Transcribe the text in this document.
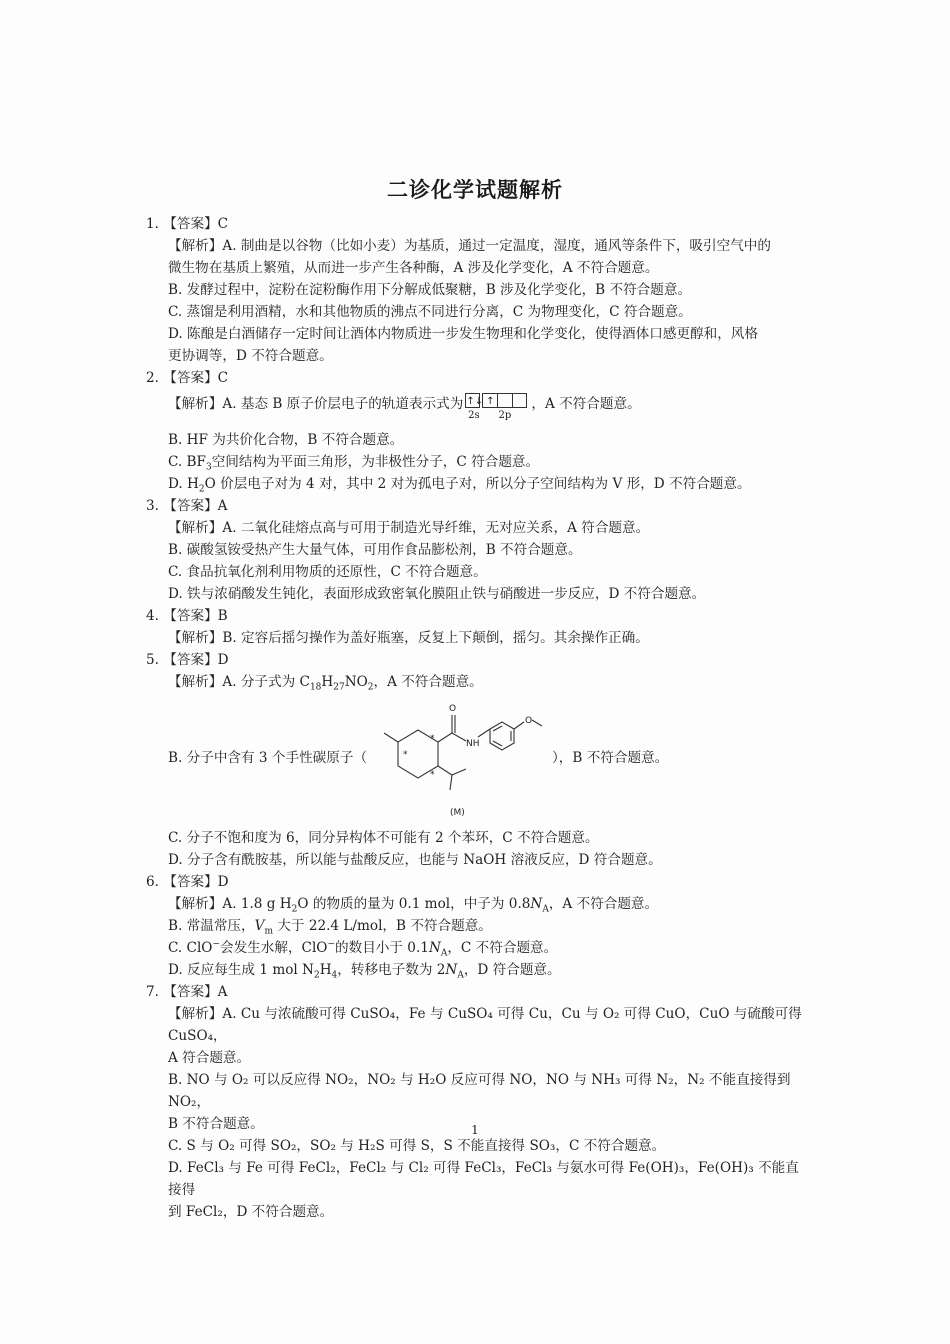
二诊化学试题解析

1. 【答案】C

【解析】A. 制曲是以谷物（比如小麦）为基质，通过一定温度，湿度，通风等条件下，吸引空气中的

微生物在基质上繁殖，从而进一步产生各种酶，A 涉及化学变化，A 不符合题意。

B. 发酵过程中，淀粉在淀粉酶作用下分解成低聚糖，B 涉及化学变化，B 不符合题意。

C. 蒸馏是利用酒精，水和其他物质的沸点不同进行分离，C 为物理变化，C 符合题意。

D. 陈酿是白酒储存一定时间让酒体内物质进一步发生物理和化学变化，使得酒体口感更醇和，风格

更协调等，D 不符合题意。

2. 【答案】C

【解析】A. 基态 B 原子价层电子的轨道表示式为 ↑↓ ↑
2s	2p
，A 不符合题意。

B. HF 为共价化合物，B 不符合题意。

C. $BF_3$空间结构为平面三角形，为非极性分子，C 符合题意。

D. $H_2O$ 价层电子对为 4 对，其中 2 对为孤电子对，所以分子空间结构为 V 形，D 不符合题意。

3. 【答案】A

【解析】A. 二氧化硅熔点高与可用于制造光导纤维，无对应关系，A 符合题意。

B. 碳酸氢铵受热产生大量气体，可用作食品膨松剂，B 不符合题意。

C. 食品抗氧化剂利用物质的还原性，C 不符合题意。

D. 铁与浓硝酸发生钝化，表面形成致密氧化膜阻止铁与硝酸进一步反应，D 不符合题意。

4. 【答案】B

【解析】B. 定容后摇匀操作为盖好瓶塞，反复上下颠倒，摇匀。其余操作正确。

5. 【答案】D

【解析】A. 分子式为 $C_{18}H_{27}NO_2$，A 不符合题意。

B. 分子中含有 3 个手性碳原子（
O
NH
O
*
*
*
(M)
），B 不符合题意。

C. 分子不饱和度为 6，同分异构体不可能有 2 个苯环，C 不符合题意。

D. 分子含有酰胺基，所以能与盐酸反应，也能与 NaOH 溶液反应，D 符合题意。

6. 【答案】D

【解析】A. 1.8 g $H_2O$ 的物质的量为 0.1 mol，中子为 $0.8N_A$，A 不符合题意。

B. 常温常压，$V_m$ 大于 22.4 L/mol，B 不符合题意。

C. ClO−会发生水解，ClO−的数目小于 $0.1N_A$，C 不符合题意。

D. 反应每生成 1 mol $N_2H_4$，转移电子数为 $2N_A$，D 符合题意。

7. 【答案】A

【解析】A. Cu 与浓硫酸可得 CuSO₄，Fe 与 CuSO₄ 可得 Cu，Cu 与 O₂ 可得 CuO，CuO 与硫酸可得 CuSO₄，

A 符合题意。

B. NO 与 O₂ 可以反应得 NO₂，NO₂ 与 H₂O 反应可得 NO，NO 与 NH₃ 可得 N₂，N₂ 不能直接得到 NO₂，

B 不符合题意。

C. S 与 O₂ 可得 SO₂，SO₂ 与 H₂S 可得 S，S 不能直接得 SO₃，C 不符合题意。

D. FeCl₃ 与 Fe 可得 FeCl₂，FeCl₂ 与 Cl₂ 可得 FeCl₃，FeCl₃ 与氨水可得 Fe(OH)₃，Fe(OH)₃ 不能直接得

到 FeCl₂，D 不符合题意。

1
